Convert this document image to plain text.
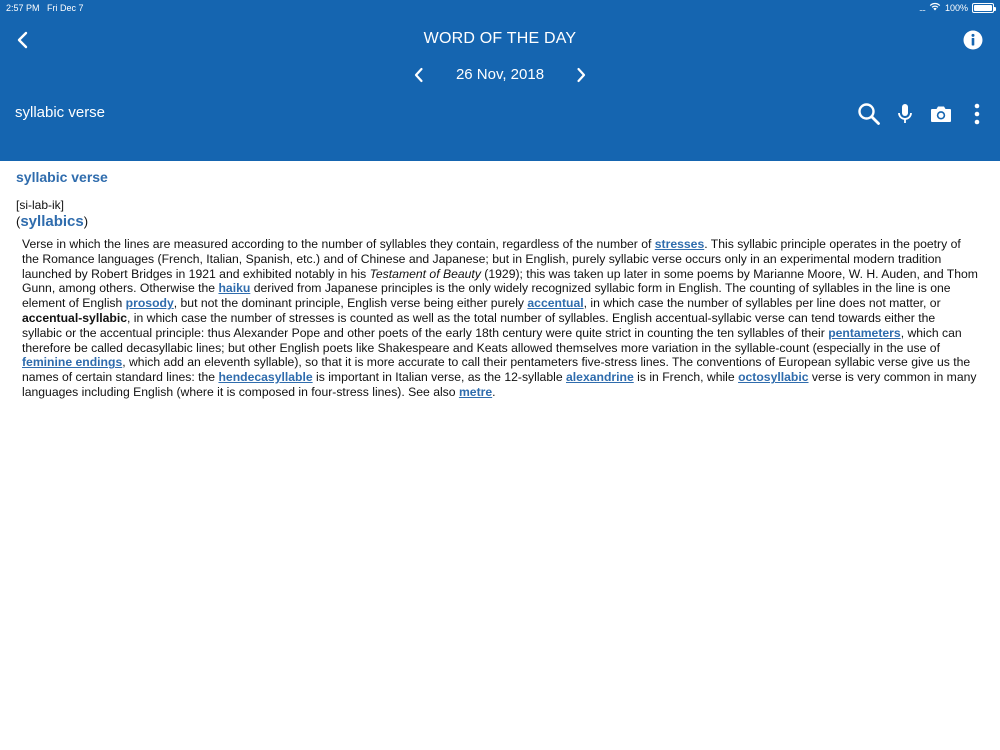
2:57 PM Fri Dec 7	.... 100%
WORD OF THE DAY
26 Nov, 2018
syllabic verse
syllabic verse
[si-lab-ik]
(syllabics)
Verse in which the lines are measured according to the number of syllables they contain, regardless of the number of stresses. This syllabic principle operates in the poetry of the Romance languages (French, Italian, Spanish, etc.) and of Chinese and Japanese; but in English, purely syllabic verse occurs only in an experimental modern tradition launched by Robert Bridges in 1921 and exhibited notably in his Testament of Beauty (1929); this was taken up later in some poems by Marianne Moore, W. H. Auden, and Thom Gunn, among others. Otherwise the haiku derived from Japanese principles is the only widely recognized syllabic form in English. The counting of syllables in the line is one element of English prosody, but not the dominant principle, English verse being either purely accentual, in which case the number of syllables per line does not matter, or accentual-syllabic, in which case the number of stresses is counted as well as the total number of syllables. English accentual-syllabic verse can tend towards either the syllabic or the accentual principle: thus Alexander Pope and other poets of the early 18th century were quite strict in counting the ten syllables of their pentameters, which can therefore be called decasyllabic lines; but other English poets like Shakespeare and Keats allowed themselves more variation in the syllable-count (especially in the use of feminine endings, which add an eleventh syllable), so that it is more accurate to call their pentameters five-stress lines. The conventions of European syllabic verse give us the names of certain standard lines: the hendecasyllable is important in Italian verse, as the 12-syllable alexandrine is in French, while octosyllabic verse is very common in many languages including English (where it is composed in four-stress lines). See also metre.
